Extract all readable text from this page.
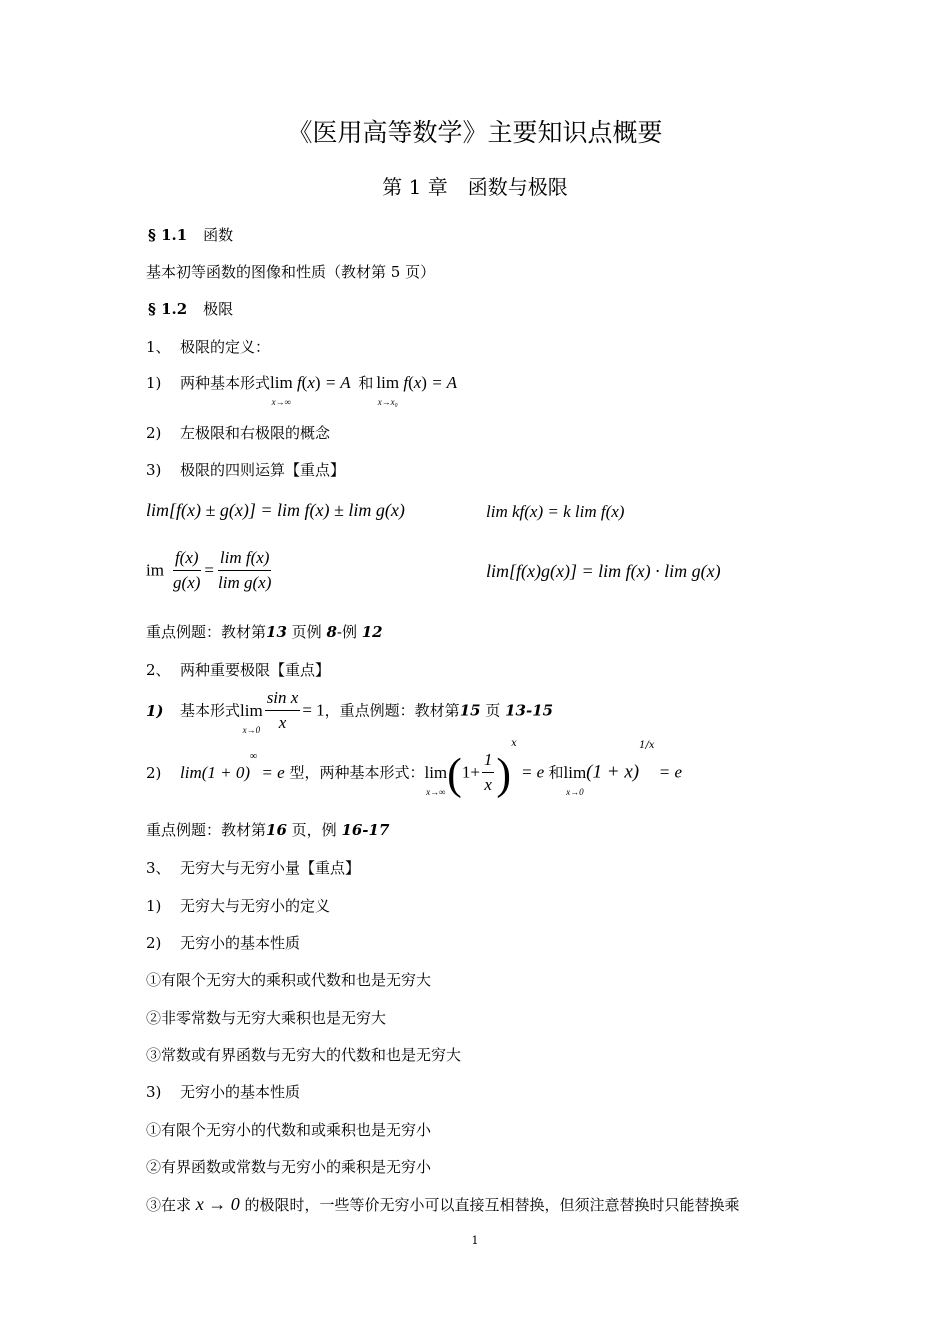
《医用高等数学》主要知识点概要
第 1 章　函数与极限
§ 1.1 函数
基本初等函数的图像和性质（教材第 5 页）
§ 1.2 极限
1、 极限的定义：
1) 两种基本形式lim
x→∞
f(x) = A 和 lim
x→x₀
f(x) = A
2) 左极限和右极限的概念
3) 极限的四则运算【重点】
lim[f(x) ± g(x)] = lim f(x) ± lim g(x)	lim kf(x) = k lim f(x)
im $\frac{f(x)}{g(x)} = \frac{\text{lim f(x)}}{\text{lim g(x)}}$	lim[f(x)g(x)] = lim f(x) · lim g(x)
重点例题：教材第13 页例 8-例 12
2、 两种重要极限【重点】
1) 基本形式lim
$x\to 0 \frac{\text{sin x}}{x} = 1$，重点例题：教材第15 页 13-15
2) lim(1 + 0)∞ = e 型，两种基本形式：lim
x→∞ $(1+ \frac{1}{x} )^x = e$ 和lim
x→0
$(1 + x)^{1/x} = e$
重点例题：教材第16 页，例 16-17
3、 无穷大与无穷小量【重点】
1) 无穷大与无穷小的定义
2) 无穷小的基本性质
①有限个无穷大的乘积或代数和也是无穷大
②非零常数与无穷大乘积也是无穷大
③常数或有界函数与无穷大的代数和也是无穷大
3) 无穷小的基本性质
①有限个无穷小的代数和或乘积也是无穷小
②有界函数或常数与无穷小的乘积是无穷小
③在求 x → 0 的极限时，一些等价无穷小可以直接互相替换，但须注意替换时只能替换乘
1
